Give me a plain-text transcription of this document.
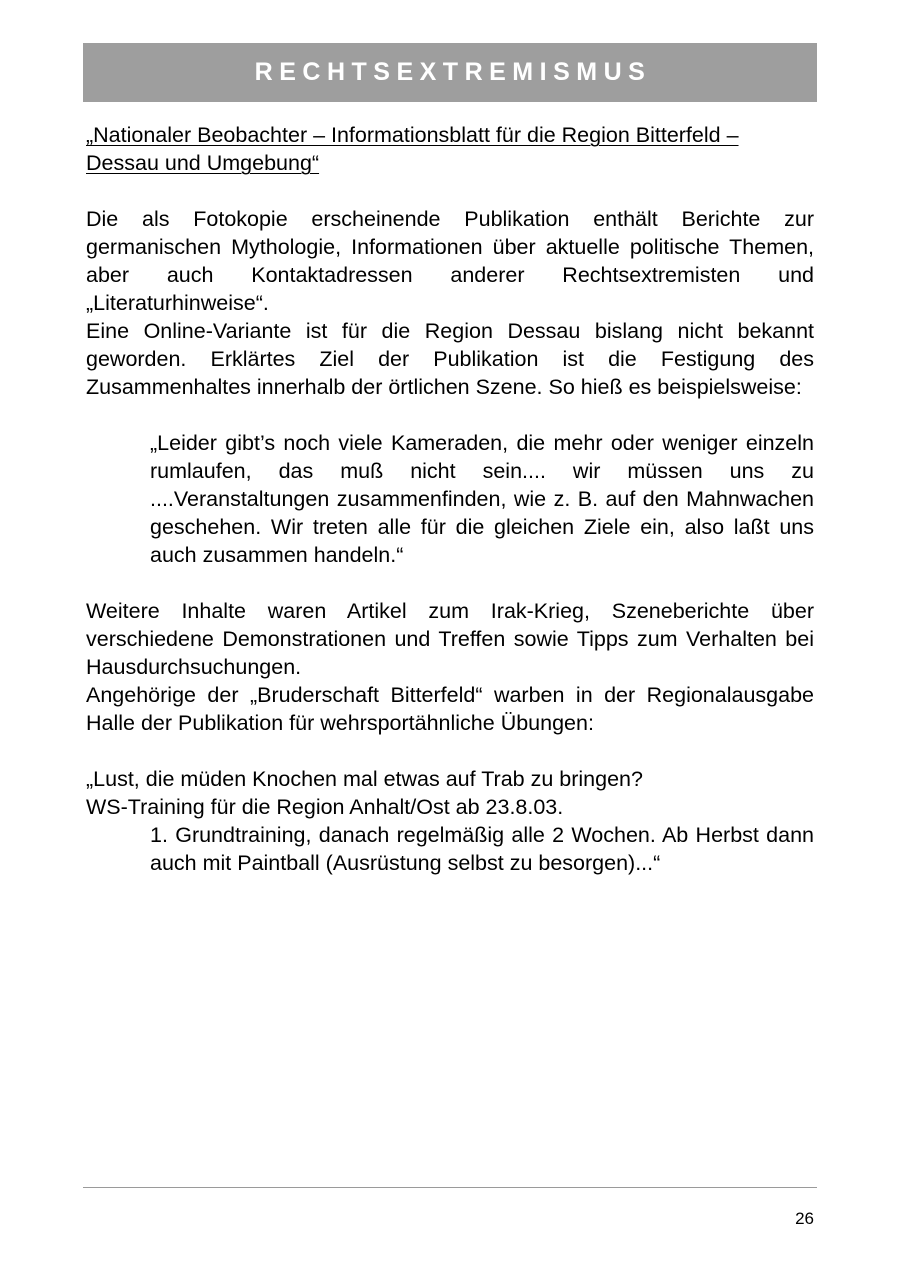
RECHTSEXTREMISMUS

„Nationaler Beobachter – Informationsblatt für die Region Bitterfeld – Dessau und Umgebung“

Die als Fotokopie erscheinende Publikation enthält Berichte zur germanischen Mythologie, Informationen über aktuelle politische Themen, aber auch Kontaktadressen anderer Rechtsextremisten und „Literaturhinweise“.

Eine Online-Variante ist für die Region Dessau bislang nicht bekannt geworden. Erklärtes Ziel der Publikation ist die Festigung des Zusammenhaltes innerhalb der örtlichen Szene. So hieß es beispielsweise:

„Leider gibt’s noch viele Kameraden, die mehr oder weniger einzeln rumlaufen, das muß nicht sein.... wir müssen uns zu ....Veranstaltungen zusammenfinden, wie z. B. auf den Mahnwachen geschehen. Wir treten alle für die gleichen Ziele ein, also laßt uns auch zusammen handeln.“

Weitere Inhalte waren Artikel zum Irak-Krieg, Szeneberichte über verschiedene Demonstrationen und Treffen sowie Tipps zum Verhalten bei Hausdurchsuchungen.

Angehörige der „Bruderschaft Bitterfeld“ warben in der Regionalausgabe Halle der Publikation für wehrsportähnliche Übungen:

„Lust, die müden Knochen mal etwas auf Trab zu bringen?

WS-Training für die Region Anhalt/Ost ab 23.8.03.

1. Grundtraining, danach regelmäßig alle 2 Wochen. Ab Herbst dann auch mit Paintball (Ausrüstung selbst zu besorgen)...“

26
